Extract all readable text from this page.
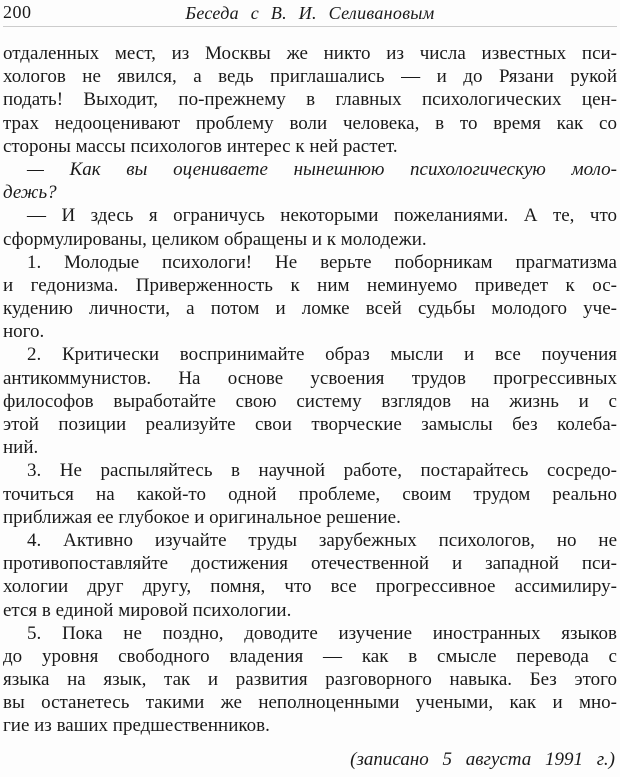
200	Беседа с В. И. Селивановым
отдаленных мест, из Москвы же никто из числа известных пси-
хологов не явился, а ведь приглашались — и до Рязани рукой
подать! Выходит, по-прежнему в главных психологических цен-
трах недооценивают проблему воли человека, в то время как со
стороны массы психологов интерес к ней растет.
— Как вы оцениваете нынешнюю психологическую моло-
дежь?
— И здесь я ограничусь некоторыми пожеланиями. А те, что
сформулированы, целиком обращены и к молодежи.
1. Молодые психологи! Не верьте поборникам прагматизма
и гедонизма. Приверженность к ним неминуемо приведет к ос-
кудению личности, а потом и ломке всей судьбы молодого уче-
ного.
2. Критически воспринимайте образ мысли и все поучения
антикоммунистов. На основе усвоения трудов прогрессивных
философов выработайте свою систему взглядов на жизнь и с
этой позиции реализуйте свои творческие замыслы без колеба-
ний.
3. Не распыляйтесь в научной работе, постарайтесь сосредо-
точиться на какой-то одной проблеме, своим трудом реально
приближая ее глубокое и оригинальное решение.
4. Активно изучайте труды зарубежных психологов, но не
противопоставляйте достижения отечественной и западной пси-
хологии друг другу, помня, что все прогрессивное ассимилиру-
ется в единой мировой психологии.
5. Пока не поздно, доводите изучение иностранных языков
до уровня свободного владения — как в смысле перевода с
языка на язык, так и развития разговорного навыка. Без этого
вы останетесь такими же неполноценными учеными, как и мно-
гие из ваших предшественников.
(записано 5 августа 1991 г.)
